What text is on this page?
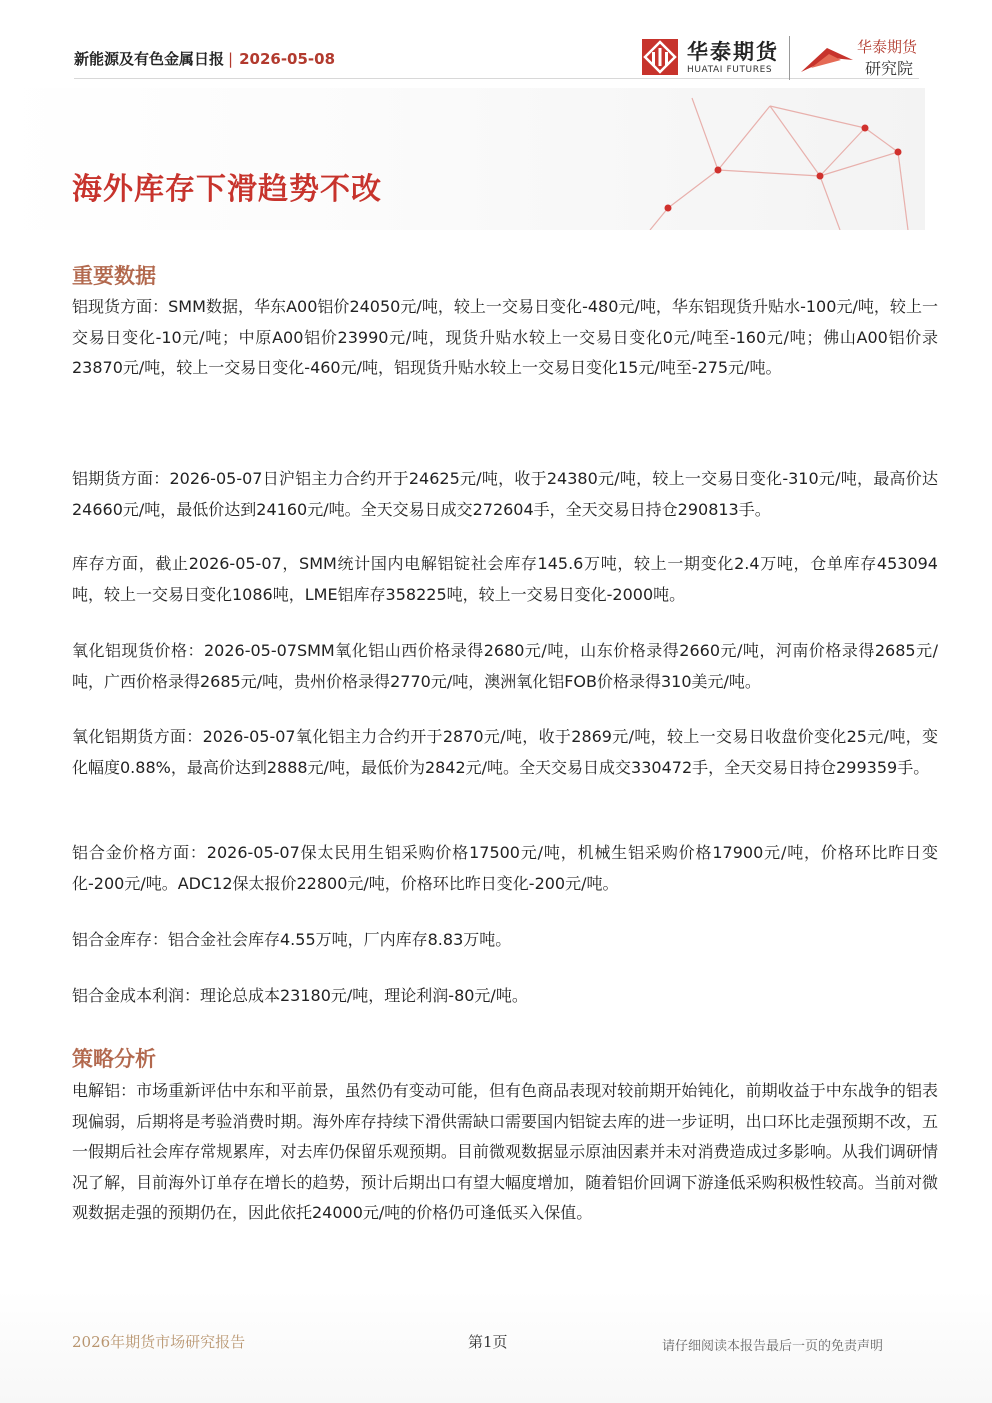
新能源及有色金属日报 | 2026-05-08	华泰期货
HUATAI FUTURES
华泰期货
研究院
海外库存下滑趋势不改
重要数据

铝现货方面：SMM数据，华东A00铝价24050元/吨，较上一交易日变化-480元/吨，华东铝现货升贴水-100元/吨，较上一交易日变化-10元/吨；中原A00铝价23990元/吨，现货升贴水较上一交易日变化0元/吨至-160元/吨；佛山A00铝价录23870元/吨，较上一交易日变化-460元/吨，铝现货升贴水较上一交易日变化15元/吨至-275元/吨。

铝期货方面：2026-05-07日沪铝主力合约开于24625元/吨，收于24380元/吨，较上一交易日变化-310元/吨，最高价达24660元/吨，最低价达到24160元/吨。全天交易日成交272604手，全天交易日持仓290813手。

库存方面，截止2026-05-07，SMM统计国内电解铝锭社会库存145.6万吨，较上一期变化2.4万吨，仓单库存453094吨，较上一交易日变化1086吨，LME铝库存358225吨，较上一交易日变化-2000吨。

氧化铝现货价格：2026-05-07SMM氧化铝山西价格录得2680元/吨，山东价格录得2660元/吨，河南价格录得2685元/吨，广西价格录得2685元/吨，贵州价格录得2770元/吨，澳洲氧化铝FOB价格录得310美元/吨。

氧化铝期货方面：2026-05-07氧化铝主力合约开于2870元/吨，收于2869元/吨，较上一交易日收盘价变化25元/吨，变化幅度0.88%，最高价达到2888元/吨，最低价为2842元/吨。全天交易日成交330472手，全天交易日持仓299359手。

铝合金价格方面：2026-05-07保太民用生铝采购价格17500元/吨，机械生铝采购价格17900元/吨，价格环比昨日变化-200元/吨。ADC12保太报价22800元/吨，价格环比昨日变化-200元/吨。

铝合金库存：铝合金社会库存4.55万吨，厂内库存8.83万吨。

铝合金成本利润：理论总成本23180元/吨，理论利润-80元/吨。

策略分析

电解铝：市场重新评估中东和平前景，虽然仍有变动可能，但有色商品表现对较前期开始钝化，前期收益于中东战争的铝表现偏弱，后期将是考验消费时期。海外库存持续下滑供需缺口需要国内铝锭去库的进一步证明，出口环比走强预期不改，五一假期后社会库存常规累库，对去库仍保留乐观预期。目前微观数据显示原油因素并未对消费造成过多影响。从我们调研情况了解，目前海外订单存在增长的趋势，预计后期出口有望大幅度增加，随着铝价回调下游逢低采购积极性较高。当前对微观数据走强的预期仍在，因此依托24000元/吨的价格仍可逢低买入保值。

2026年期货市场研究报告	第1页	请仔细阅读本报告最后一页的免责声明
